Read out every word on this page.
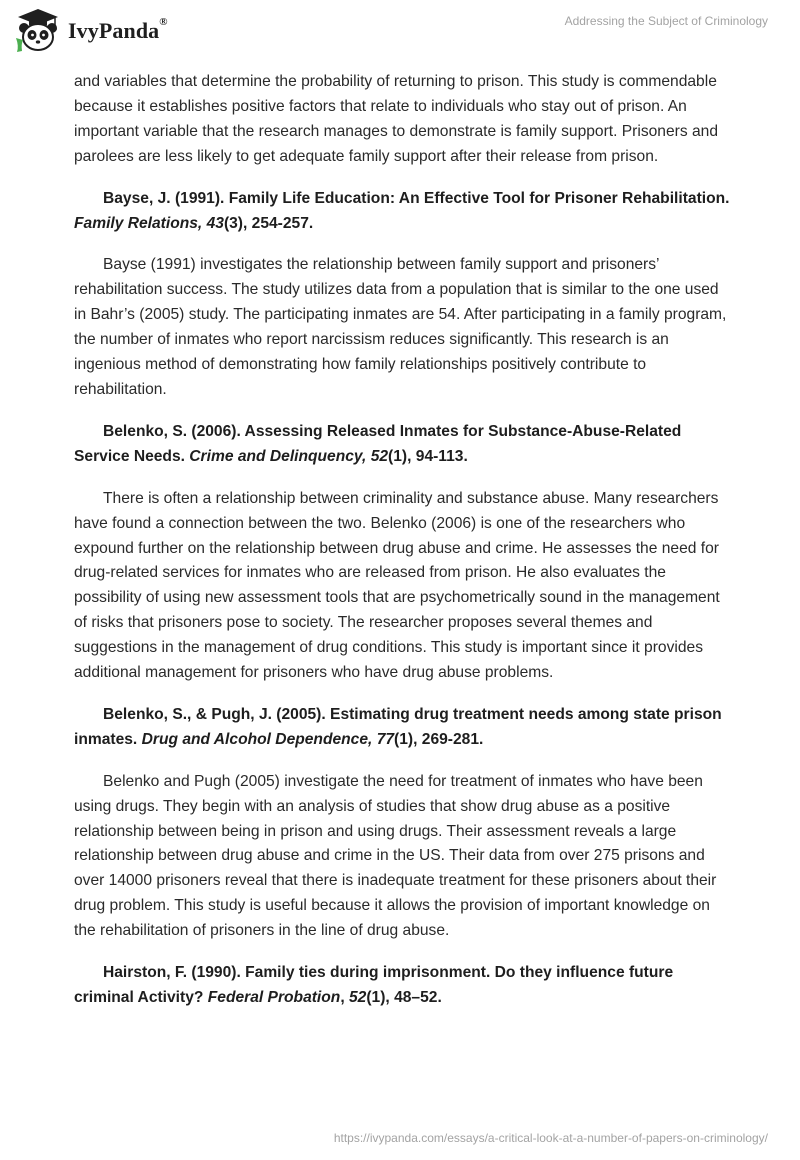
IvyPanda®	Addressing the Subject of Criminology

and variables that determine the probability of returning to prison. This study is commendable because it establishes positive factors that relate to individuals who stay out of prison. An important variable that the research manages to demonstrate is family support. Prisoners and parolees are less likely to get adequate family support after their release from prison.

Bayse, J. (1991). Family Life Education: An Effective Tool for Prisoner Rehabilitation. Family Relations, 43(3), 254-257.

Bayse (1991) investigates the relationship between family support and prisoners’ rehabilitation success. The study utilizes data from a population that is similar to the one used in Bahr’s (2005) study. The participating inmates are 54. After participating in a family program, the number of inmates who report narcissism reduces significantly. This research is an ingenious method of demonstrating how family relationships positively contribute to rehabilitation.

Belenko, S. (2006). Assessing Released Inmates for Substance-Abuse-Related Service Needs. Crime and Delinquency, 52(1), 94-113.

There is often a relationship between criminality and substance abuse. Many researchers have found a connection between the two. Belenko (2006) is one of the researchers who expound further on the relationship between drug abuse and crime. He assesses the need for drug-related services for inmates who are released from prison. He also evaluates the possibility of using new assessment tools that are psychometrically sound in the management of risks that prisoners pose to society. The researcher proposes several themes and suggestions in the management of drug conditions. This study is important since it provides additional management for prisoners who have drug abuse problems.

Belenko, S., & Pugh, J. (2005). Estimating drug treatment needs among state prison inmates. Drug and Alcohol Dependence, 77(1), 269-281.

Belenko and Pugh (2005) investigate the need for treatment of inmates who have been using drugs. They begin with an analysis of studies that show drug abuse as a positive relationship between being in prison and using drugs. Their assessment reveals a large relationship between drug abuse and crime in the US. Their data from over 275 prisons and over 14000 prisoners reveal that there is inadequate treatment for these prisoners about their drug problem. This study is useful because it allows the provision of important knowledge on the rehabilitation of prisoners in the line of drug abuse.

Hairston, F. (1990). Family ties during imprisonment. Do they influence future criminal Activity? Federal Probation, 52(1), 48–52.

https://ivypanda.com/essays/a-critical-look-at-a-number-of-papers-on-criminology/
